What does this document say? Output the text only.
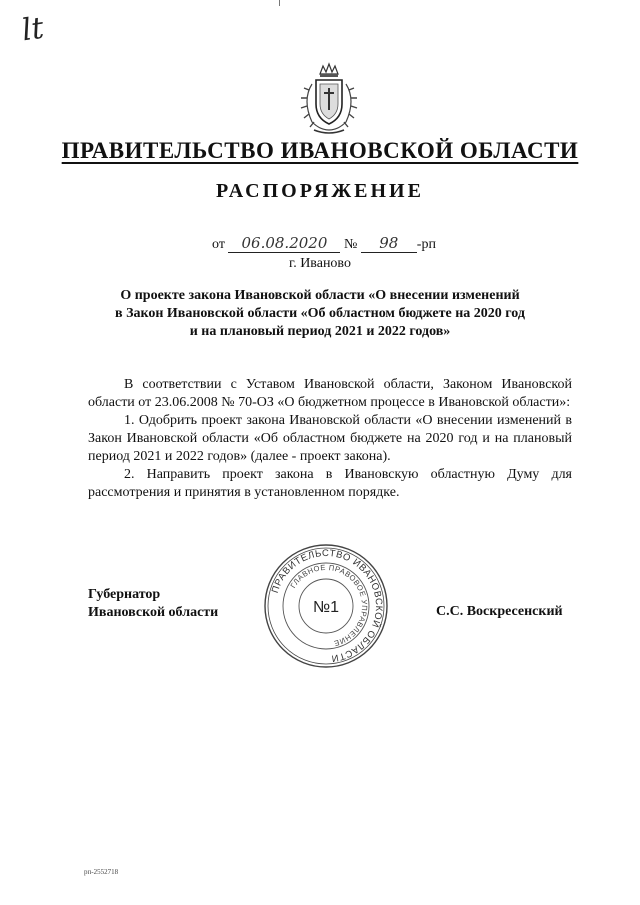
lt
ПРАВИТЕЛЬСТВО ИВАНОВСКОЙ ОБЛАСТИ
РАСПОРЯЖЕНИЕ
от 06.08.2020 № 98 -рп
г. Иваново
О проекте закона Ивановской области «О внесении изменений
в Закон Ивановской области «Об областном бюджете на 2020 год
и на плановый период 2021 и 2022 годов»

В соответствии с Уставом Ивановской области, Законом Ивановской области от 23.06.2008 № 70-ОЗ «О бюджетном процессе в Ивановской области»:

1. Одобрить проект закона Ивановской области «О внесении изменений в Закон Ивановской области «Об областном бюджете на 2020 год и на плановый период 2021 и 2022 годов» (далее - проект закона).

2. Направить проект закона в Ивановскую областную Думу для рассмотрения и принятия в установленном порядке.

Губернатор
Ивановской области	С.С. Воскресенский
ПРАВИТЕЛЬСТВО ИВАНОВСКОЙ ОБЛАСТИ
ГЛАВНОЕ ПРАВОВОЕ УПРАВЛЕНИЕ
№1
рп-2552718
